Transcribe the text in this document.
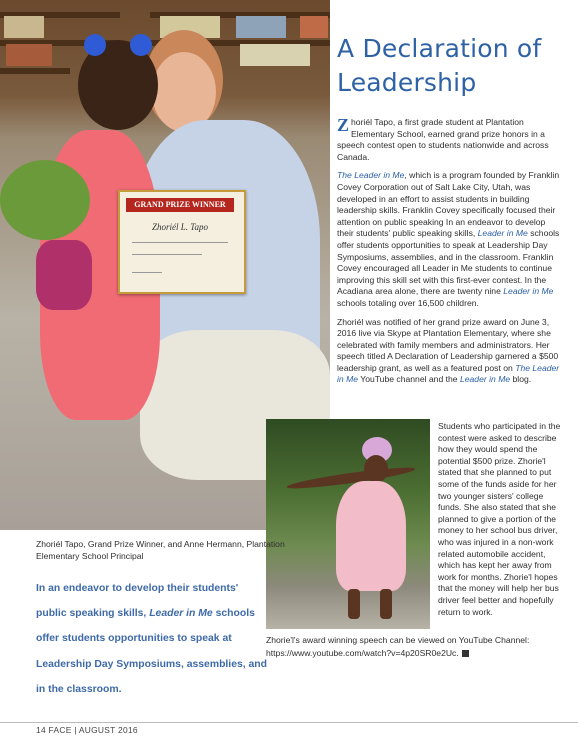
GRAND PRIZE WINNER
Zhoriél L. Tapo
A Declaration of Leadership

Zhoriél Tapo, a first grade student at Plantation Elementary School, earned grand prize honors in a speech contest open to students nationwide and across Canada.

The Leader in Me, which is a program founded by Franklin Covey Corporation out of Salt Lake City, Utah, was developed in an effort to assist students in building leadership skills. Franklin Covey specifically focused their attention on public speaking In an endeavor to develop their students' public speaking skills, Leader in Me schools offer students opportunities to speak at Leadership Day Symposiums, assemblies, and in the classroom. Franklin Covey encouraged all Leader in Me students to continue improving this skill set with this first-ever contest. In the Acadiana area alone, there are twenty nine Leader in Me schools totaling over 16,500 children.

Zhoriél was notified of her grand prize award on June 3, 2016 live via Skype at Plantation Elementary, where she celebrated with family members and administrators. Her speech titled A Declaration of Leadership garnered a $500 leadership grant, as well as a featured post on The Leader in Me YouTube channel and the Leader in Me blog.

Students who participated in the contest were asked to describe how they would spend the potential $500 prize. Zhorie'l stated that she planned to put some of the funds aside for her two younger sisters' college funds. She also stated that she planned to give a portion of the money to her school bus driver, who was injured in a non-work related automobile accident, which has kept her away from work for months. Zhorie'l hopes that the money will help her bus driver feel better and hopefully return to work.
Zhoriél Tapo, Grand Prize Winner, and Anne Hermann, Plantation Elementary School Principal
In an endeavor to develop their students' public speaking skills, Leader in Me schools offer students opportunities to speak at Leadership Day Symposiums, assemblies, and in the classroom.
Zhorie'l's award winning speech can be viewed on YouTube Channel: https://www.youtube.com/watch?v=4p20SR0e2Uc.
14 FACE | AUGUST 2016
